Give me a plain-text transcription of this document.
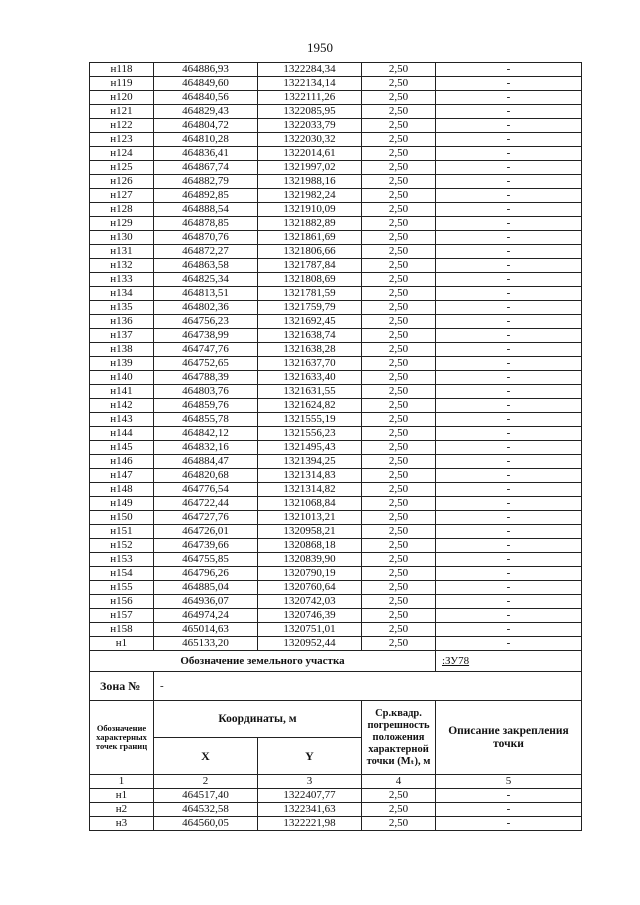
1950
н118	464886,93	1322284,34	2,50	-
н119	464849,60	1322134,14	2,50	-
н120	464840,56	1322111,26	2,50	-
н121	464829,43	1322085,95	2,50	-
н122	464804,72	1322033,79	2,50	-
н123	464810,28	1322030,32	2,50	-
н124	464836,41	1322014,61	2,50	-
н125	464867,74	1321997,02	2,50	-
н126	464882,79	1321988,16	2,50	-
н127	464892,85	1321982,24	2,50	-
н128	464888,54	1321910,09	2,50	-
н129	464878,85	1321882,89	2,50	-
н130	464870,76	1321861,69	2,50	-
н131	464872,27	1321806,66	2,50	-
н132	464863,58	1321787,84	2,50	-
н133	464825,34	1321808,69	2,50	-
н134	464813,51	1321781,59	2,50	-
н135	464802,36	1321759,79	2,50	-
н136	464756,23	1321692,45	2,50	-
н137	464738,99	1321638,74	2,50	-
н138	464747,76	1321638,28	2,50	-
н139	464752,65	1321637,70	2,50	-
н140	464788,39	1321633,40	2,50	-
н141	464803,76	1321631,55	2,50	-
н142	464859,76	1321624,82	2,50	-
н143	464855,78	1321555,19	2,50	-
н144	464842,12	1321556,23	2,50	-
н145	464832,16	1321495,43	2,50	-
н146	464884,47	1321394,25	2,50	-
н147	464820,68	1321314,83	2,50	-
н148	464776,54	1321314,82	2,50	-
н149	464722,44	1321068,84	2,50	-
н150	464727,76	1321013,21	2,50	-
н151	464726,01	1320958,21	2,50	-
н152	464739,66	1320868,18	2,50	-
н153	464755,85	1320839,90	2,50	-
н154	464796,26	1320790,19	2,50	-
н155	464885,04	1320760,64	2,50	-
н156	464936,07	1320742,03	2,50	-
н157	464974,24	1320746,39	2,50	-
н158	465014,63	1320751,01	2,50	-
н1	465133,20	1320952,44	2,50	-
Обозначение земельного участка				:ЗУ78
Зона №	-			
Обозначение характерных точек границ	Координаты, м		Ср.квадр. погрешность положения характерной точки (Mₜ), м	Описание закрепления точки
	X	Y		
1	2	3	4	5
н1	464517,40	1322407,77	2,50	-
н2	464532,58	1322341,63	2,50	-
н3	464560,05	1322221,98	2,50	-
